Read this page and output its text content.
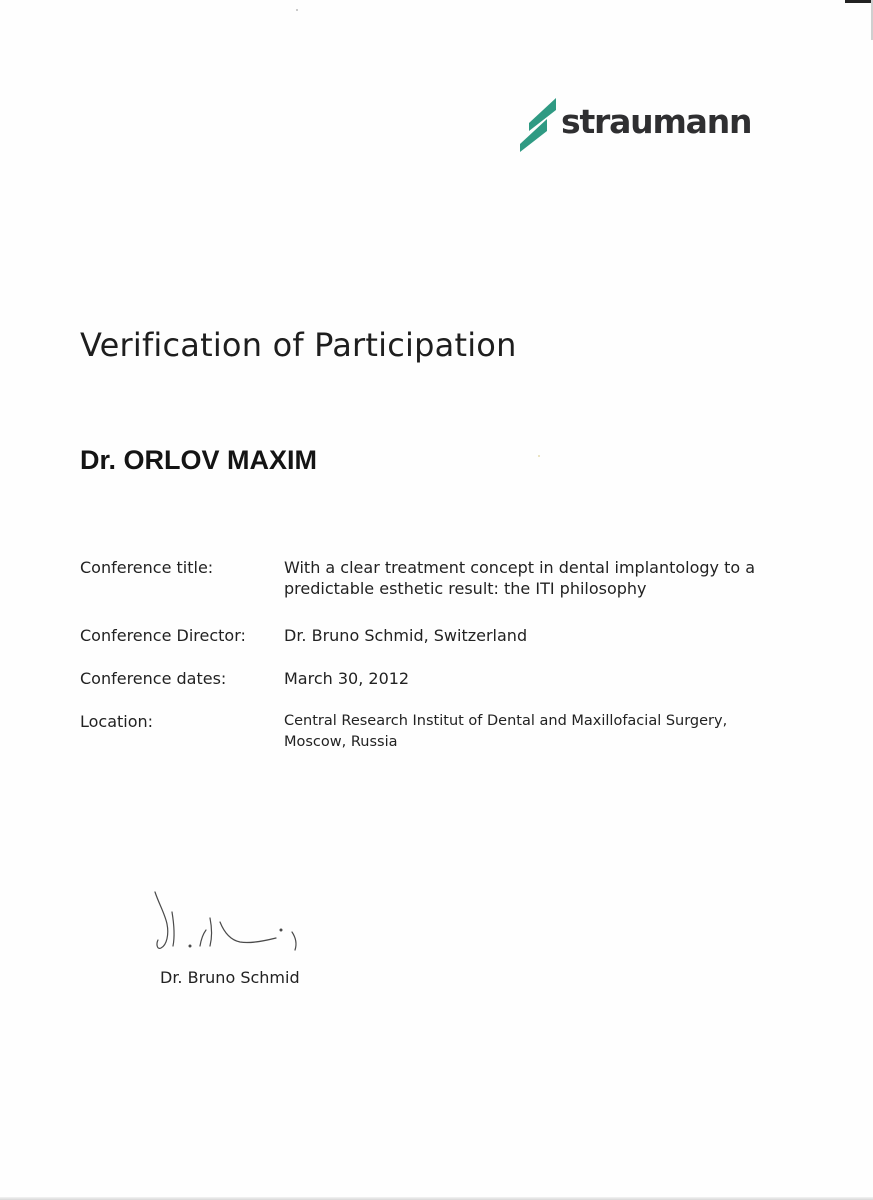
straumann
Verification of Participation
Dr. ORLOV MAXIM
Conference title:	With a clear treatment concept in dental implantology to a predictable esthetic result: the ITI philosophy
Conference Director:	Dr. Bruno Schmid, Switzerland
Conference dates:	March 30, 2012
Location:	Central Research Institut of Dental and Maxillofacial Surgery, Moscow, Russia
Dr. Bruno Schmid
